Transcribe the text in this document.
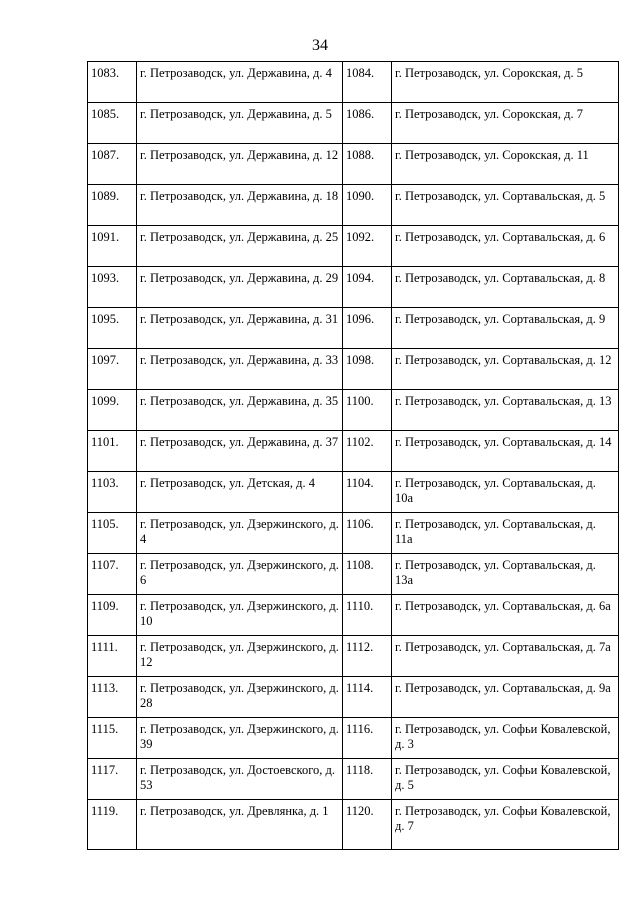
34
1083.	г. Петрозаводск, ул. Державина, д. 4	1084.	г. Петрозаводск, ул. Сорокская, д. 5
1085.	г. Петрозаводск, ул. Державина, д. 5	1086.	г. Петрозаводск, ул. Сорокская, д. 7
1087.	г. Петрозаводск, ул. Державина, д. 12	1088.	г. Петрозаводск, ул. Сорокская, д. 11
1089.	г. Петрозаводск, ул. Державина, д. 18	1090.	г. Петрозаводск, ул. Сортавальская, д. 5
1091.	г. Петрозаводск, ул. Державина, д. 25	1092.	г. Петрозаводск, ул. Сортавальская, д. 6
1093.	г. Петрозаводск, ул. Державина, д. 29	1094.	г. Петрозаводск, ул. Сортавальская, д. 8
1095.	г. Петрозаводск, ул. Державина, д. 31	1096.	г. Петрозаводск, ул. Сортавальская, д. 9
1097.	г. Петрозаводск, ул. Державина, д. 33	1098.	г. Петрозаводск, ул. Сортавальская, д. 12
1099.	г. Петрозаводск, ул. Державина, д. 35	1100.	г. Петрозаводск, ул. Сортавальская, д. 13
1101.	г. Петрозаводск, ул. Державина, д. 37	1102.	г. Петрозаводск, ул. Сортавальская, д. 14
1103.	г. Петрозаводск, ул. Детская, д. 4	1104.	г. Петрозаводск, ул. Сортавальская, д. 10а
1105.	г. Петрозаводск, ул. Дзержинского, д. 4	1106.	г. Петрозаводск, ул. Сортавальская, д. 11а
1107.	г. Петрозаводск, ул. Дзержинского, д. 6	1108.	г. Петрозаводск, ул. Сортавальская, д. 13а
1109.	г. Петрозаводск, ул. Дзержинского, д. 10	1110.	г. Петрозаводск, ул. Сортавальская, д. 6а
1111.	г. Петрозаводск, ул. Дзержинского, д. 12	1112.	г. Петрозаводск, ул. Сортавальская, д. 7а
1113.	г. Петрозаводск, ул. Дзержинского, д. 28	1114.	г. Петрозаводск, ул. Сортавальская, д. 9а
1115.	г. Петрозаводск, ул. Дзержинского, д. 39	1116.	г. Петрозаводск, ул. Софьи Ковалевской, д. 3
1117.	г. Петрозаводск, ул. Достоевского, д. 53	1118.	г. Петрозаводск, ул. Софьи Ковалевской, д. 5
1119.	г. Петрозаводск, ул. Древлянка, д. 1	1120.	г. Петрозаводск, ул. Софьи Ковалевской, д. 7
